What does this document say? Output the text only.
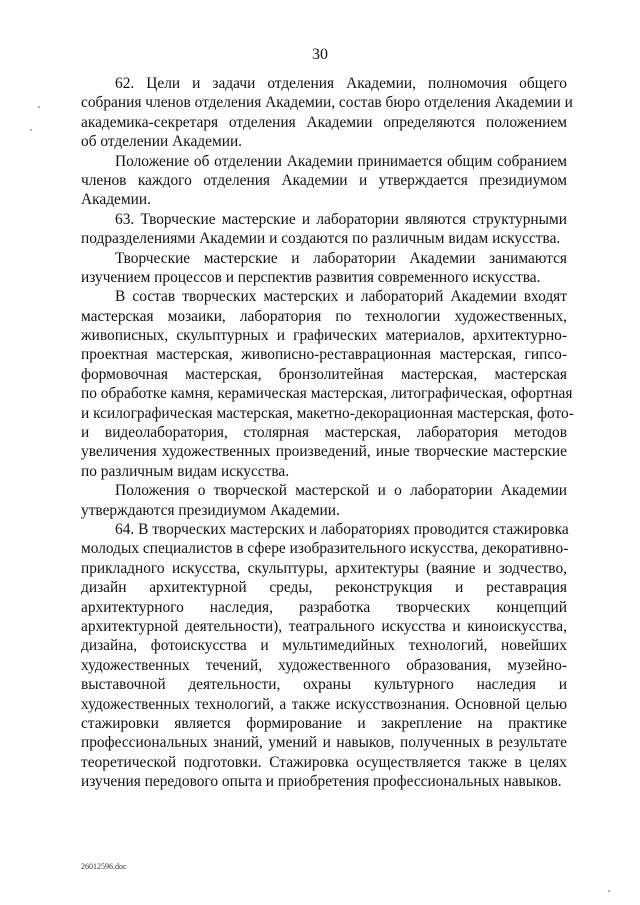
30
62. Цели и задачи отделения Академии, полномочия общего
собрания членов отделения Академии, состав бюро отделения Академии и
академика-секретаря отделения Академии определяются положением
об отделении Академии.
Положение об отделении Академии принимается общим собранием
членов каждого отделения Академии и утверждается президиумом
Академии.
63. Творческие мастерские и лаборатории являются структурными
подразделениями Академии и создаются по различным видам искусства.
Творческие мастерские и лаборатории Академии занимаются
изучением процессов и перспектив развития современного искусства.
В состав творческих мастерских и лабораторий Академии входят
мастерская мозаики, лаборатория по технологии художественных,
живописных, скульптурных и графических материалов, архитектурно-
проектная мастерская, живописно-реставрационная мастерская, гипсо-
формовочная мастерская, бронзолитейная мастерская, мастерская
по обработке камня, керамическая мастерская, литографическая, офортная
и ксилографическая мастерская, макетно-декорационная мастерская, фото-
и видеолаборатория, столярная мастерская, лаборатория методов
увеличения художественных произведений, иные творческие мастерские
по различным видам искусства.
Положения о творческой мастерской и о лаборатории Академии
утверждаются президиумом Академии.
64. В творческих мастерских и лабораториях проводится стажировка
молодых специалистов в сфере изобразительного искусства, декоративно-
прикладного искусства, скульптуры, архитектуры (ваяние и зодчество,
дизайн архитектурной среды, реконструкция и реставрация
архитектурного наследия, разработка творческих концепций
архитектурной деятельности), театрального искусства и киноискусства,
дизайна, фотоискусства и мультимедийных технологий, новейших
художественных течений, художественного образования, музейно-
выставочной деятельности, охраны культурного наследия и
художественных технологий, а также искусствознания. Основной целью
стажировки является формирование и закрепление на практике
профессиональных знаний, умений и навыков, полученных в результате
теоретической подготовки. Стажировка осуществляется также в целях
изучения передового опыта и приобретения профессиональных навыков.
26012596.doc
